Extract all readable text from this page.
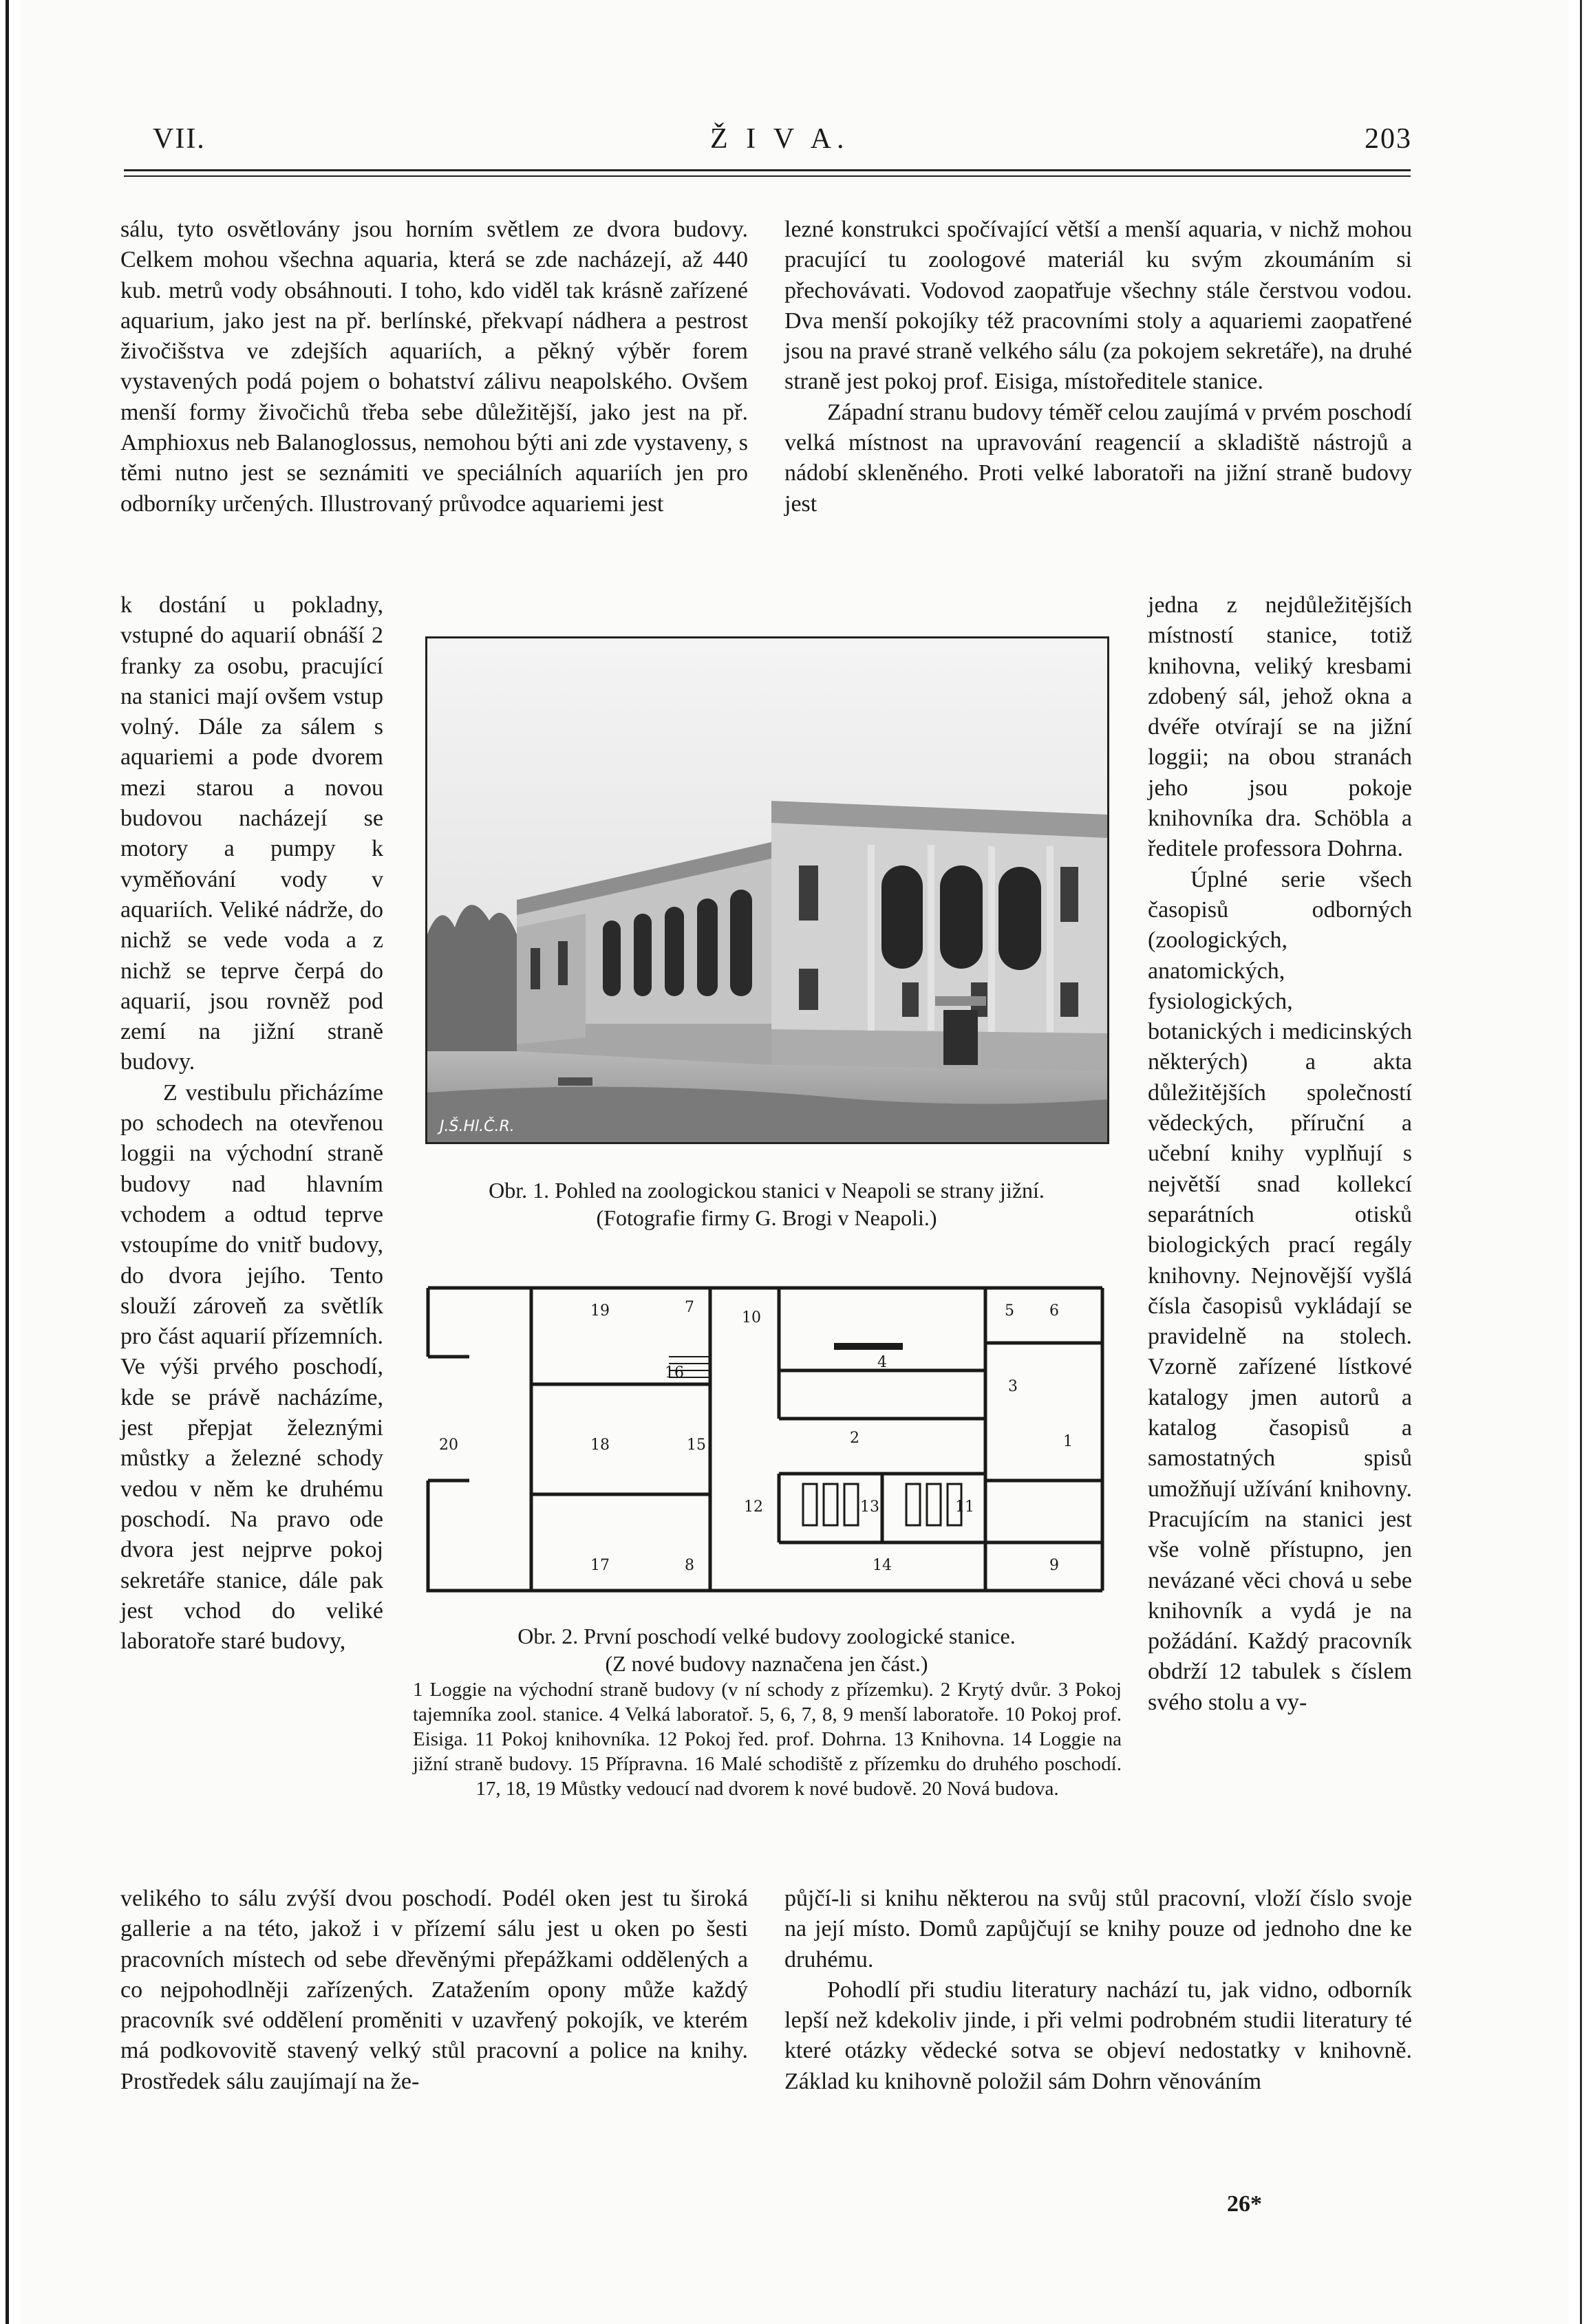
VII.	Ž I V A.	203

sálu, tyto osvětlovány jsou horním světlem ze dvora budovy. Celkem mohou všechna aquaria, která se zde nacházejí, až 440 kub. metrů vody obsáhnouti. I toho, kdo viděl tak krásně zařízené aquarium, jako jest na př. berlínské, překvapí nádhera a pestrost živočišstva ve zdejších aquariích, a pěkný výběr forem vystavených podá pojem o bohatství zálivu neapolského. Ovšem menší formy živočichů třeba sebe důležitější, jako jest na př. Amphioxus neb Balanoglossus, nemohou býti ani zde vystaveny, s těmi nutno jest se seznámiti ve speciálních aquariích jen pro odborníky určených. Illustrovaný průvodce aquariemi jest

k dostání u pokladny, vstupné do aquarií obnáší 2 franky za osobu, pracující na stanici mají ovšem vstup volný. Dále za sálem s aquariemi a pode dvorem mezi starou a novou budovou nacházejí se motory a pumpy k vyměňování vody v aquariích. Veliké nádrže, do nichž se vede voda a z nichž se teprve čerpá do aquarií, jsou rovněž pod zemí na jižní straně budovy.

Z vestibulu přicházíme po schodech na otevřenou loggii na východní straně budovy nad hlavním vchodem a odtud teprve vstoupíme do vnitř budovy, do dvora jejího. Tento slouží zároveň za světlík pro část aquarií přízemních. Ve výši prvého poschodí, kde se právě nacházíme, jest přepjat železnými můstky a železné schody vedou v něm ke druhému poschodí. Na pravo ode dvora jest nejprve pokoj sekretáře stanice, dále pak jest vchod do veliké laboratoře staré budovy,

velikého to sálu zvýší dvou poschodí. Podél oken jest tu široká gallerie a na této, jakož i v přízemí sálu jest u oken po šesti pracovních místech od sebe dřevěnými přepážkami oddělených a co nejpohodlněji zařízených. Zatažením opony může každý pracovník své oddělení proměniti v uzavřený pokojík, ve kterém má podkovovitě stavený velký stůl pracovní a police na knihy. Prostředek sálu zaujímají na že-

lezné konstrukci spočívající větší a menší aquaria, v nichž mohou pracující tu zoologové materiál ku svým zkoumáním si přechovávati. Vodovod zaopatřuje všechny stále čerstvou vodou. Dva menší pokojíky též pracovními stoly a aquariemi zaopatřené jsou na pravé straně velkého sálu (za pokojem sekretáře), na druhé straně jest pokoj prof. Eisiga, místoředitele stanice.

Západní stranu budovy téměř celou zaujímá v prvém poschodí velká místnost na upravování reagencií a skladiště nástrojů a nádobí skleněného. Proti velké laboratoři na jižní straně budovy jest

jedna z nejdůležitějších místností stanice, totiž knihovna, veliký kresbami zdobený sál, jehož okna a dvéře otvírají se na jižní loggii; na obou stranách jeho jsou pokoje knihovníka dra. Schöbla a ředitele professora Dohrna.

Úplné serie všech časopisů odborných (zoologických, anatomických, fysiologických, botanických i medicinských některých) a akta důležitějších společností vědeckých, příruční a učební knihy vyplňují s největší snad kollekcí separátních otisků biologických prací regály knihovny. Nejnovější vyšlá čísla časopisů vykládají se pravidelně na stolech. Vzorně zařízené lístkové katalogy jmen autorů a katalog časopisů a samostatných spisů umožňují užívání knihovny. Pracujícím na stanici jest vše volně přístupno, jen nevázané věci chová u sebe knihovník a vydá je na požádání. Každý pracovník obdrží 12 tabulek s číslem svého stolu a vy-

půjčí-li si knihu některou na svůj stůl pracovní, vloží číslo svoje na její místo. Domů zapůjčují se knihy pouze od jednoho dne ke druhému.

Pohodlí při studiu literatury nachází tu, jak vidno, odborník lepší než kdekoliv jinde, i při velmi podrobném studii literatury té které otázky vědecké sotva se objeví nedostatky v knihovně. Základ ku knihovně položil sám Dohrn věnováním

J.Š.Hl.Č.R.
Obr. 1. Pohled na zoologickou stanici v Neapoli se strany jižní.
(Fotografie firmy G. Brogi v Neapoli.)
1
2
3
4
5 6
7
8	9
10
11
12	13
14
15
16
17
18
19
20
Obr. 2. První poschodí velké budovy zoologické stanice.
(Z nové budovy naznačena jen část.)
1 Loggie na východní straně budovy (v ní schody z přízemku). 2 Krytý dvůr. 3 Pokoj tajemníka zool. stanice. 4 Velká laboratoř. 5, 6, 7, 8, 9 menší laboratoře. 10 Pokoj prof. Eisiga. 11 Pokoj knihovníka. 12 Pokoj řed. prof. Dohrna. 13 Knihovna. 14 Loggie na jižní straně budovy. 15 Přípravna. 16 Malé schodiště z přízemku do druhého poschodí. 17, 18, 19 Můstky vedoucí nad dvorem k nové budově. 20 Nová budova.
26*
